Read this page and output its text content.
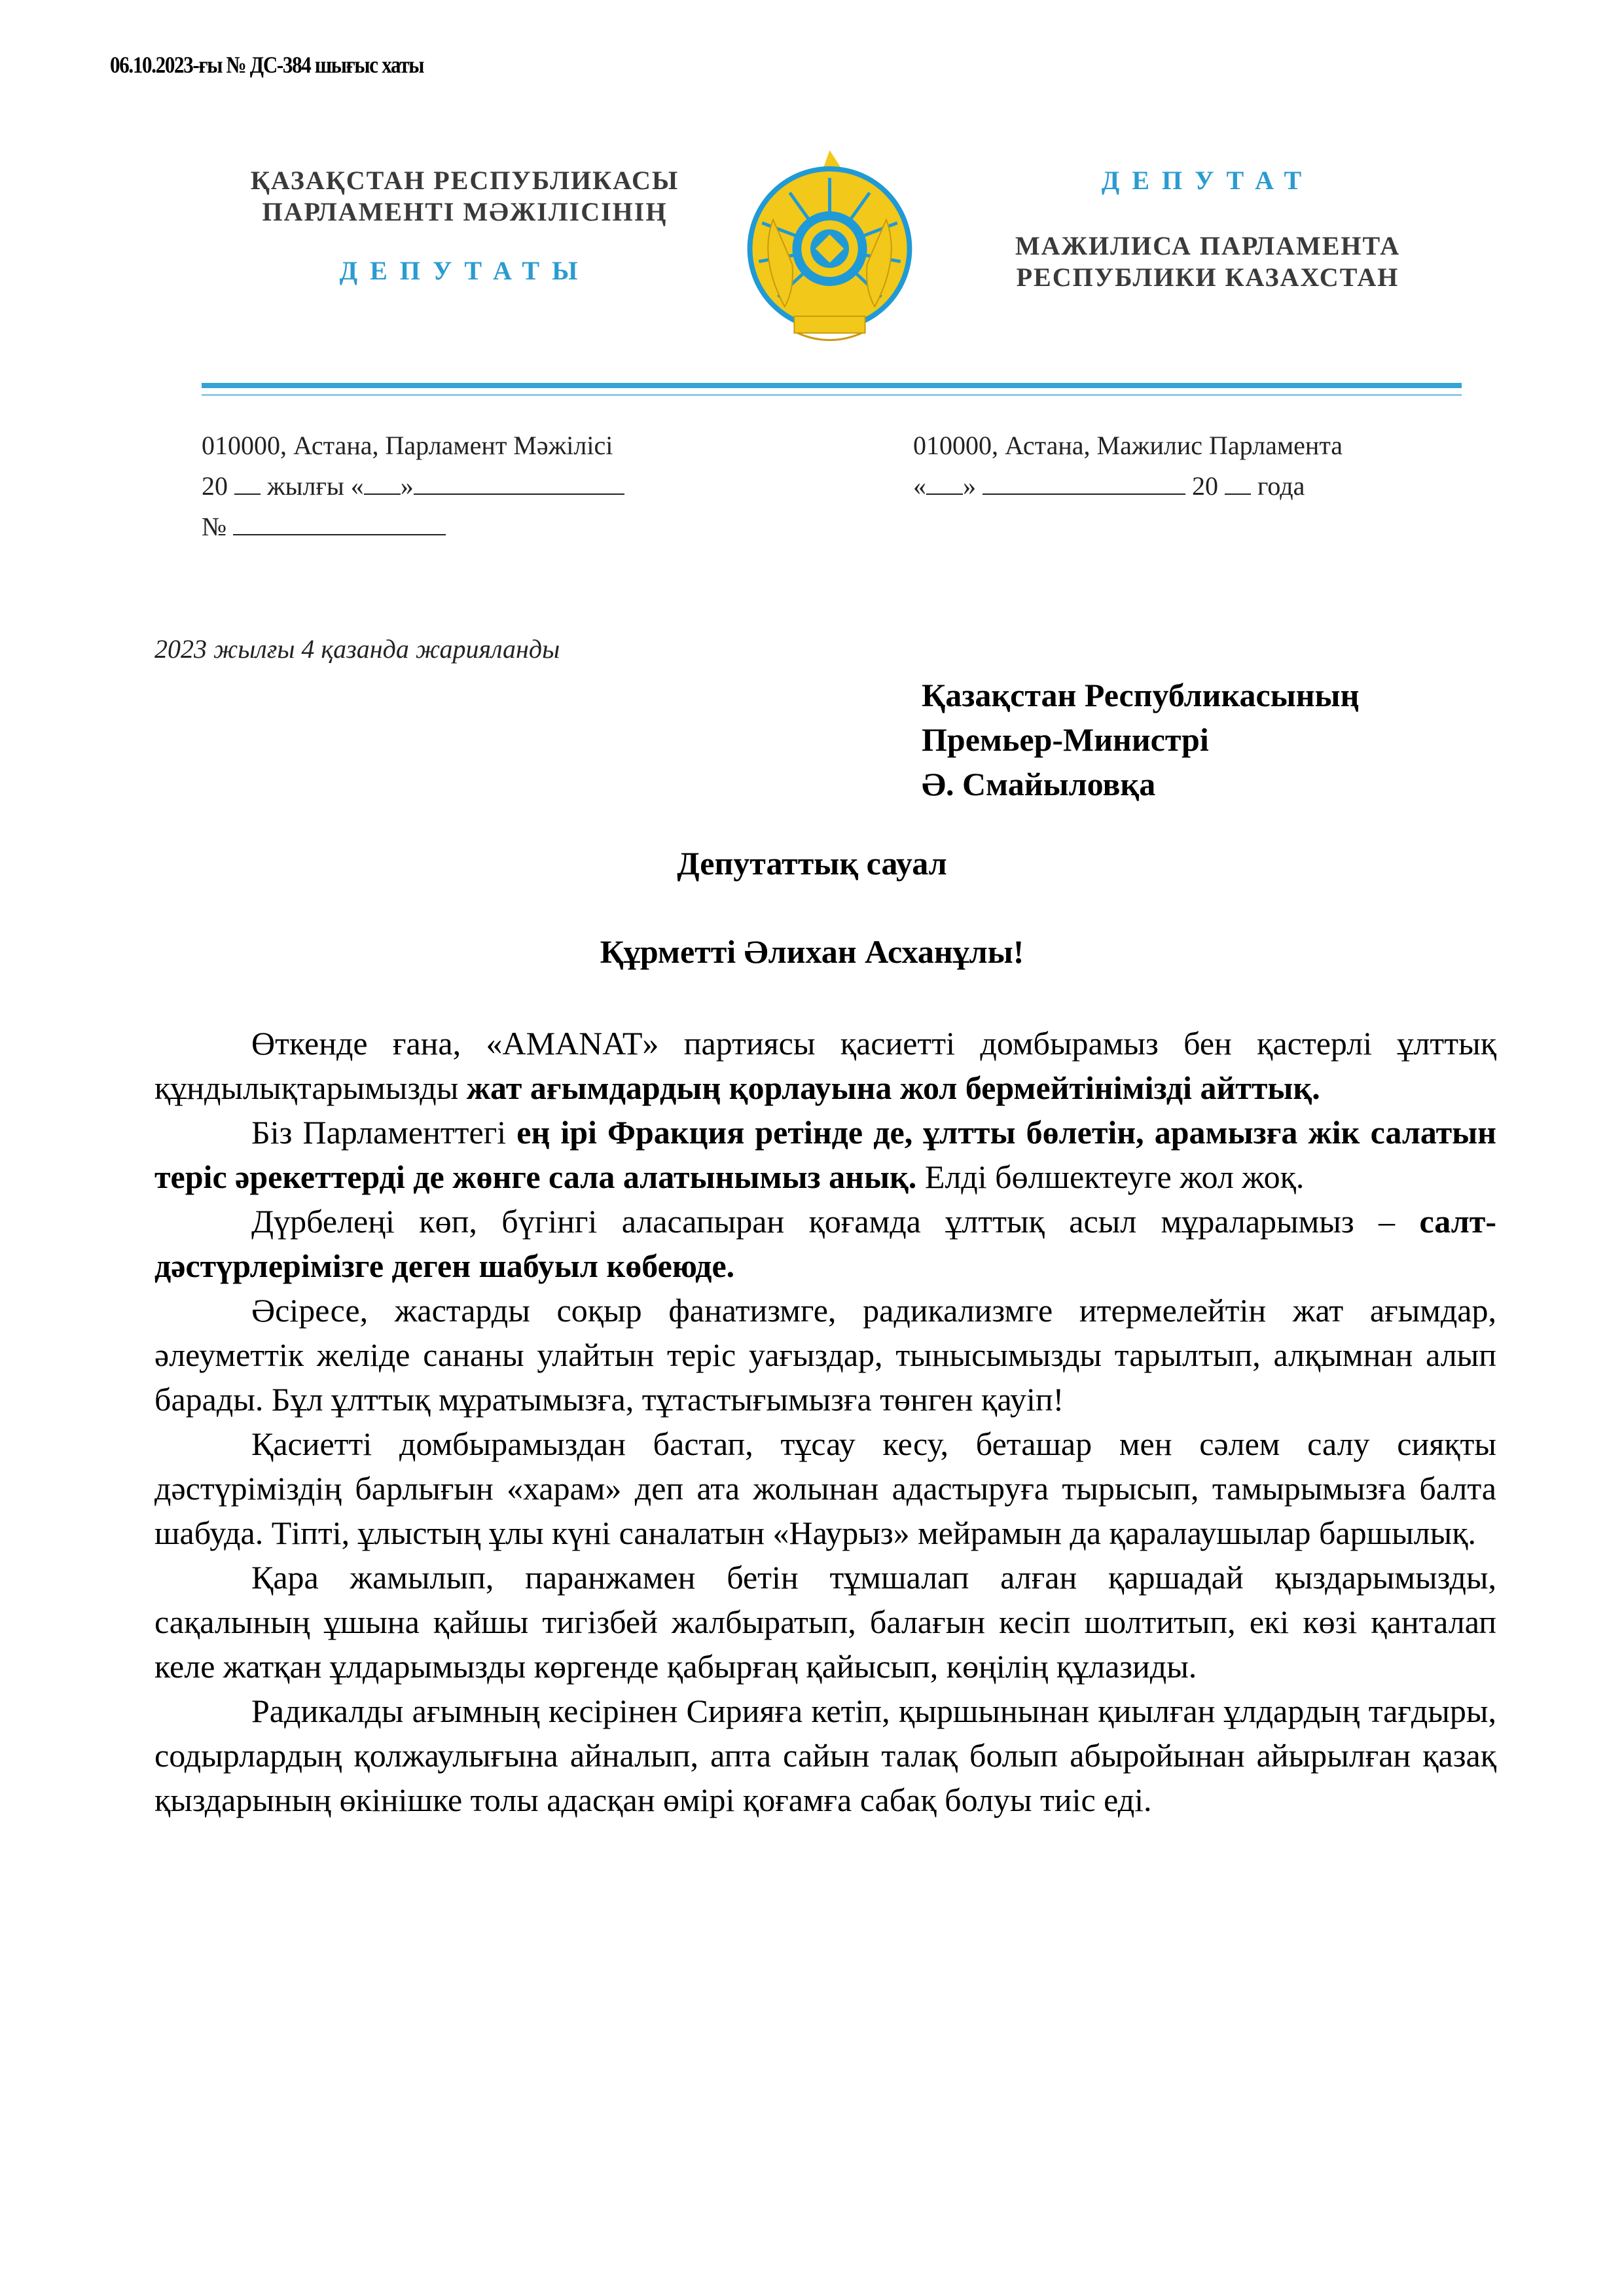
06.10.2023-ғы № ДС-384 шығыс хаты
ҚАЗАҚСТАН РЕСПУБЛИКАСЫ
ПАРЛАМЕНТІ МӘЖІЛІСІНІҢ
ДЕПУТАТЫ
ДЕПУТАТ
МАЖИЛИСА ПАРЛАМЕНТА
РЕСПУБЛИКИ КАЗАХСТАН
010000, Астана, Парламент Мәжілісі
20 жылғы « »
№
010000, Астана, Мажилис Парламента
« »	20 года
2023 жылғы 4 қазанда жарияланды
Қазақстан Республикасының
Премьер-Министрі
Ә. Смайыловқа
Депутаттық сауал
Құрметті Әлихан Асханұлы!

Өткенде ғана, «AMANAT» партиясы қасиетті домбырамыз бен қастерлі ұлттық құндылықтарымызды жат ағымдардың қорлауына жол бермейтінімізді айттық.

Біз Парламенттегі ең ірі Фракция ретінде де, ұлтты бөлетін, арамызға жік салатын теріс әрекеттерді де жөнге сала алатынымыз анық. Елді бөлшектеуге жол жоқ.

Дүрбелеңі көп, бүгінгі аласапыран қоғамда ұлттық асыл мұраларымыз – салт-дәстүрлерімізге деген шабуыл көбеюде.

Әсіресе, жастарды соқыр фанатизмге, радикализмге итермелейтін жат ағымдар, әлеуметтік желіде сананы улайтын теріс уағыздар, тынысымызды тарылтып, алқымнан алып барады. Бұл ұлттық мұратымызға, тұтастығымызға төнген қауіп!

Қасиетті домбырамыздан бастап, тұсау кесу, беташар мен сәлем салу сияқты дәстүріміздің барлығын «харам» деп ата жолынан адастыруға тырысып, тамырымызға балта шабуда. Тіпті, ұлыстың ұлы күні саналатын «Наурыз» мейрамын да қаралаушылар баршылық.

Қара жамылып, паранжамен бетін тұмшалап алған қаршадай қыздарымызды, сақалының ұшына қайшы тигізбей жалбыратып, балағын кесіп шолтитып, екі көзі қанталап келе жатқан ұлдарымызды көргенде қабырғаң қайысып, көңілің құлазиды.

Радикалды ағымның кесірінен Сирияға кетіп, қыршынынан қиылған ұлдардың тағдыры, содырлардың қолжаулығына айналып, апта сайын талақ болып абыройынан айырылған қазақ қыздарының өкінішке толы адасқан өмірі қоғамға сабақ болуы тиіс еді.
